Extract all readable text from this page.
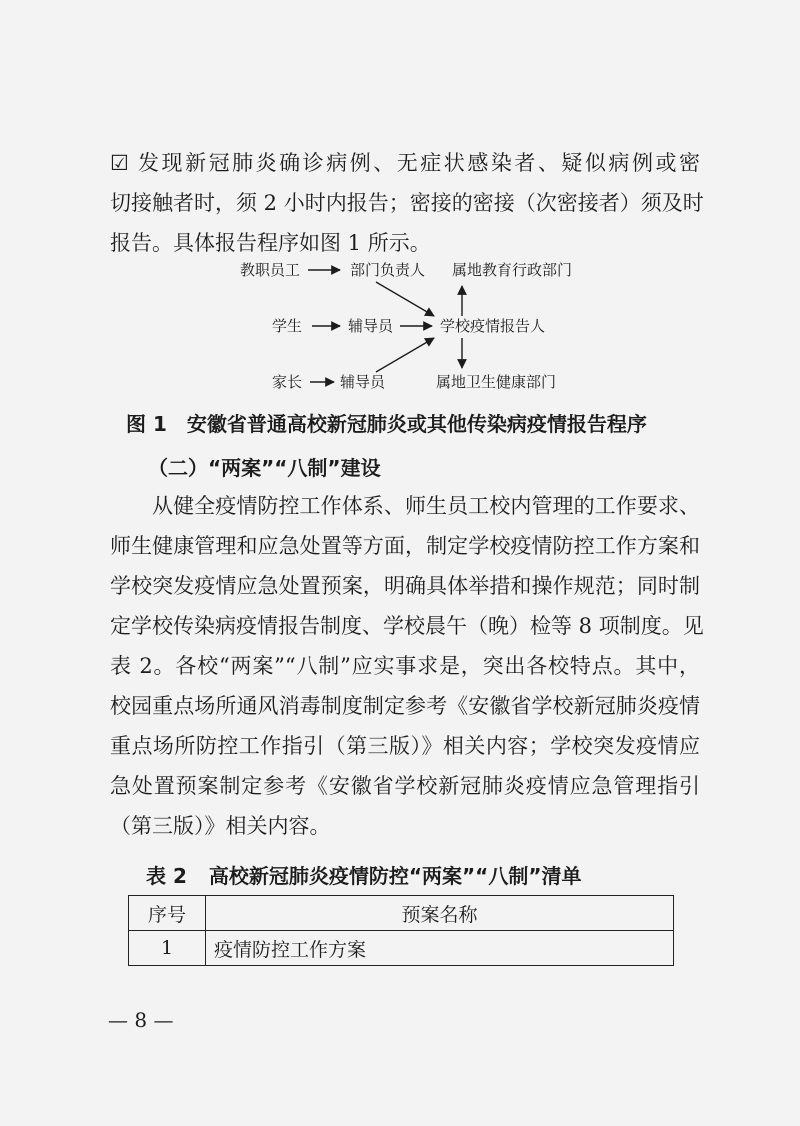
☑ 发现新冠肺炎确诊病例、无症状感染者、疑似病例或密
切接触者时，须 2 小时内报告；密接的密接（次密接者）须及时
报告。具体报告程序如图 1 所示。
教职员工	部门负责人 属地教育行政部门
学生	辅导员	学校疫情报告人
家长	辅导员	属地卫生健康部门
图 1 安徽省普通高校新冠肺炎或其他传染病疫情报告程序
（二）“两案”“八制”建设
从健全疫情防控工作体系、师生员工校内管理的工作要求、
师生健康管理和应急处置等方面，制定学校疫情防控工作方案和
学校突发疫情应急处置预案，明确具体举措和操作规范；同时制
定学校传染病疫情报告制度、学校晨午（晚）检等 8 项制度。见
表 2。各校“两案”“八制”应实事求是，突出各校特点。其中，
校园重点场所通风消毒制度制定参考《安徽省学校新冠肺炎疫情
重点场所防控工作指引（第三版）》相关内容；学校突发疫情应
急处置预案制定参考《安徽省学校新冠肺炎疫情应急管理指引
（第三版）》相关内容。
表 2 高校新冠肺炎疫情防控“两案”“八制”清单
序号	预案名称
1	疫情防控工作方案
— 8 —
